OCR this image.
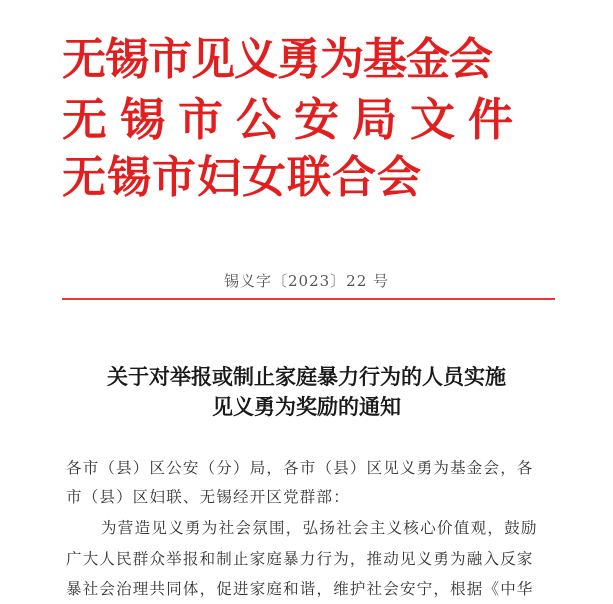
无锡市见义勇为基金会
无锡市公安局文件
无锡市妇女联合会
锡义字〔2023〕22 号
关于对举报或制止家庭暴力行为的人员实施
见义勇为奖励的通知
各市（县）区公安（分）局，各市（县）区见义勇为基金会，各
市（县）区妇联、无锡经开区党群部：
为营造见义勇为社会氛围，弘扬社会主义核心价值观，鼓励
广大人民群众举报和制止家庭暴力行为，推动见义勇为融入反家
暴社会治理共同体，促进家庭和谐，维护社会安宁，根据《中华
